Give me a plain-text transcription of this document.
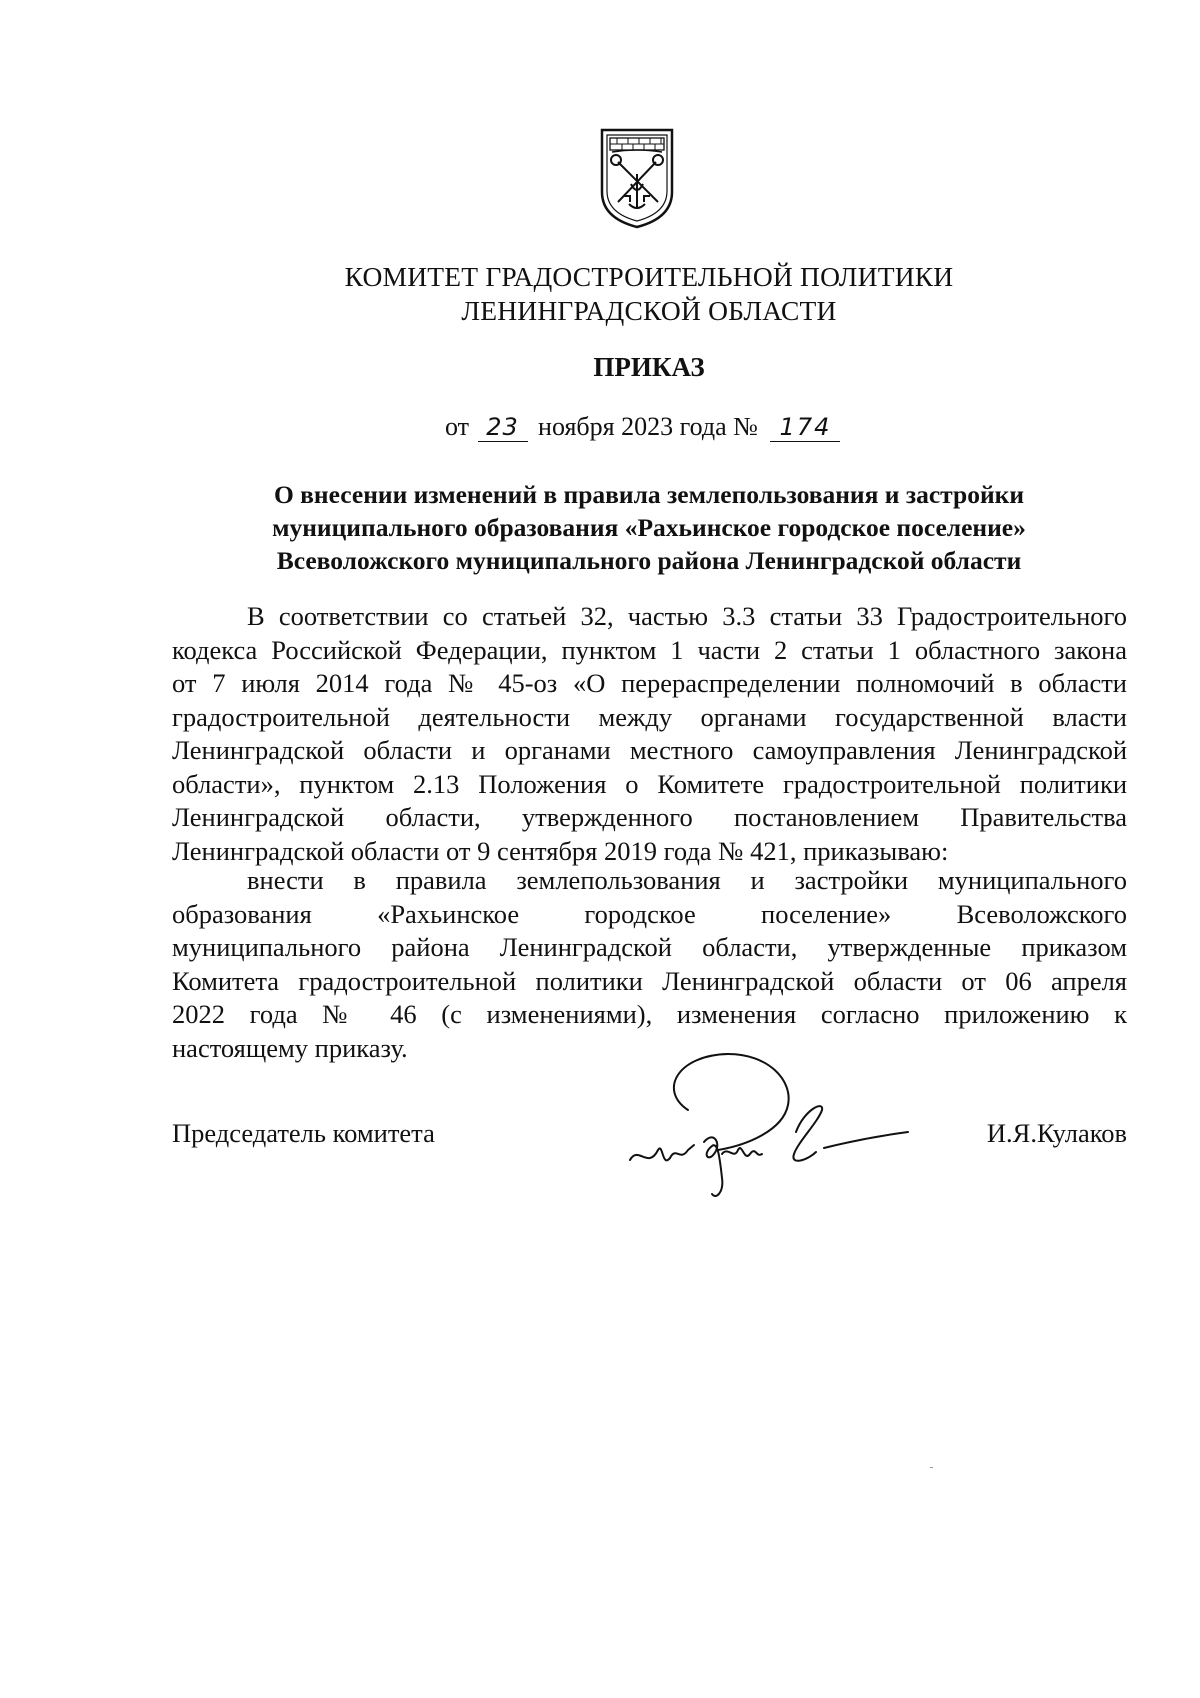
КОМИТЕТ ГРАДОСТРОИТЕЛЬНОЙ ПОЛИТИКИ
ЛЕНИНГРАДСКОЙ ОБЛАСТИ
ПРИКАЗ
от 23 ноября 2023 года № 174
О внесении изменений в правила землепользования и застройки
муниципального образования «Рахьинское городское поселение»
Всеволожского муниципального района Ленинградской области
В соответствии со статьей 32, частью 3.3 статьи 33 Градостроительного
кодекса Российской Федерации, пунктом 1 части 2 статьи 1 областного закона
от 7 июля 2014 года № 45-оз «О перераспределении полномочий в области
градостроительной деятельности между органами государственной власти
Ленинградской области и органами местного самоуправления Ленинградской
области», пунктом 2.13 Положения о Комитете градостроительной политики
Ленинградской области, утвержденного постановлением Правительства
Ленинградской области от 9 сентября 2019 года № 421, приказываю:
внести в правила землепользования и застройки муниципального
образования «Рахьинское городское поселение» Всеволожского
муниципального района Ленинградской области, утвержденные приказом
Комитета градостроительной политики Ленинградской области от 06 апреля
2022 года № 46 (с изменениями), изменения согласно приложению к
настоящему приказу.
Председатель комитета	И.Я.Кулаков
